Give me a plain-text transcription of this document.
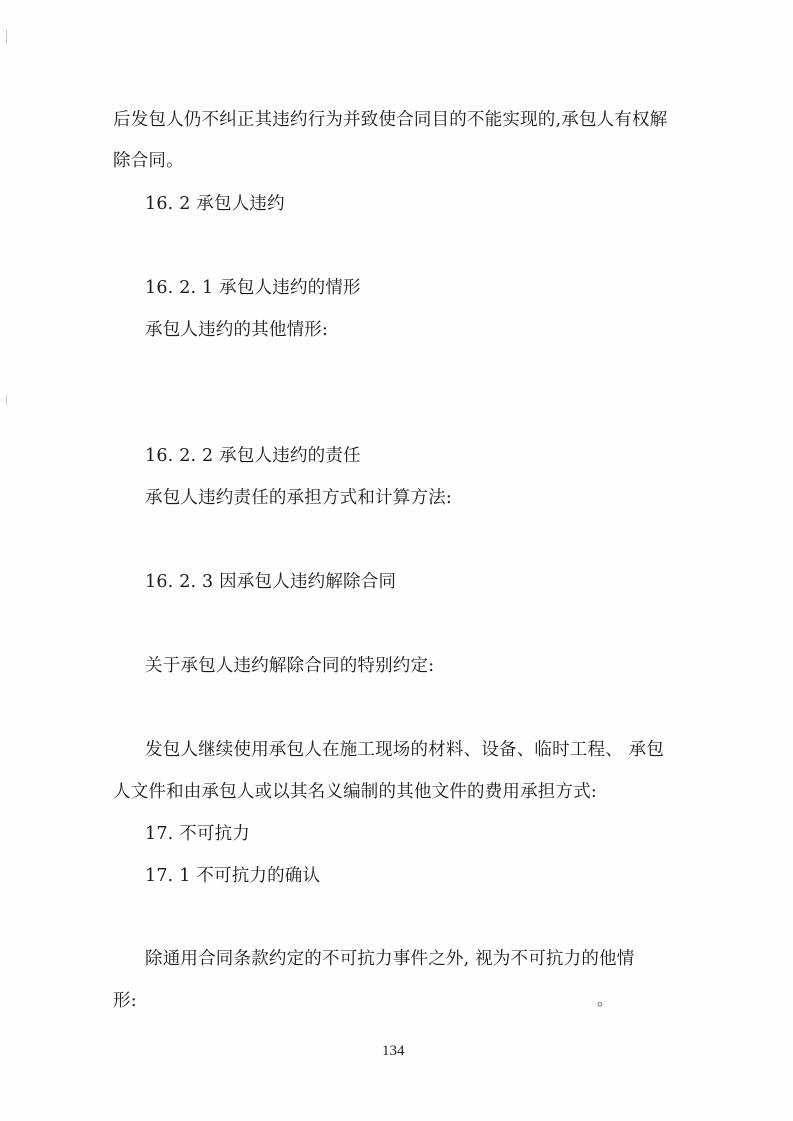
后发包人仍不纠正其违约行为并致使合同目的不能实现的,承包人有权解
除合同。
16. 2 承包人违约
16. 2. 1 承包人违约的情形
承包人违约的其他情形:
16. 2. 2 承包人违约的责任
承包人违约责任的承担方式和计算方法:
16. 2. 3 因承包人违约解除合同
关于承包人违约解除合同的特别约定:
发包人继续使用承包人在施工现场的材料、设备、临时工程、 承包
人文件和由承包人或以其名义编制的其他文件的费用承担方式:
17. 不可抗力
17. 1 不可抗力的确认
除通用合同条款约定的不可抗力事件之外, 视为不可抗力的他情
形:	。
134
